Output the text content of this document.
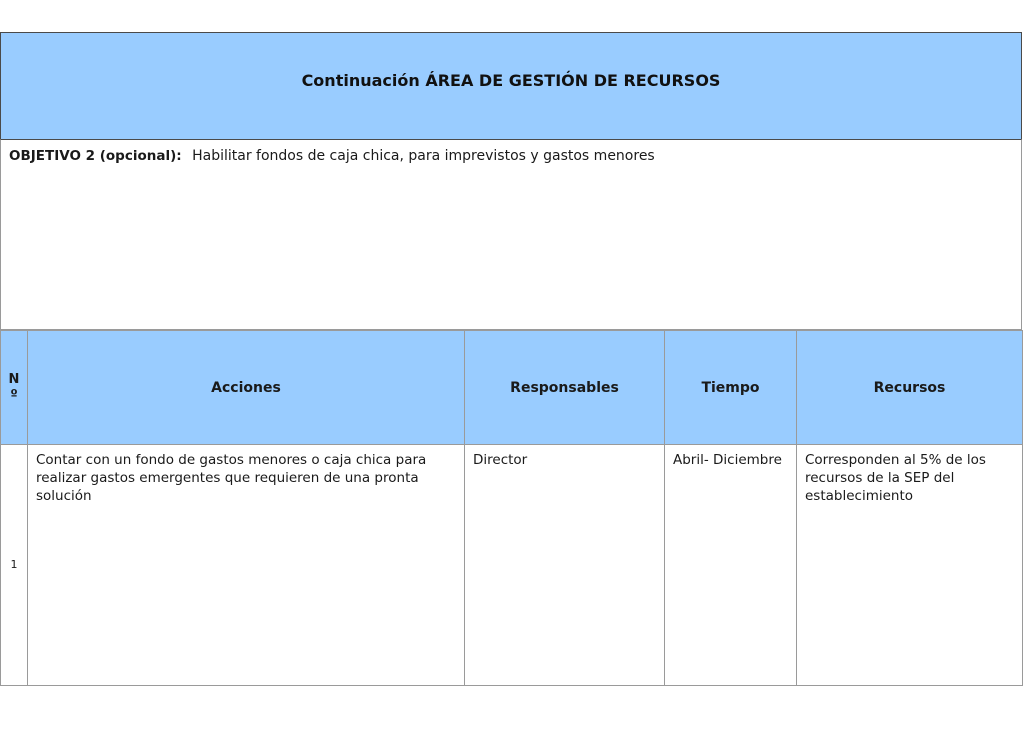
Continuación ÁREA DE GESTIÓN DE RECURSOS
OBJETIVO 2 (opcional): Habilitar fondos de caja chica, para imprevistos y gastos menores
N
º	Acciones	Responsables	Tiempo	Recursos
1	Contar con un fondo de gastos menores o caja chica para realizar gastos emergentes que requieren de una pronta solución	Director	Abril- Diciembre	Corresponden al 5% de los recursos de la SEP del establecimiento
